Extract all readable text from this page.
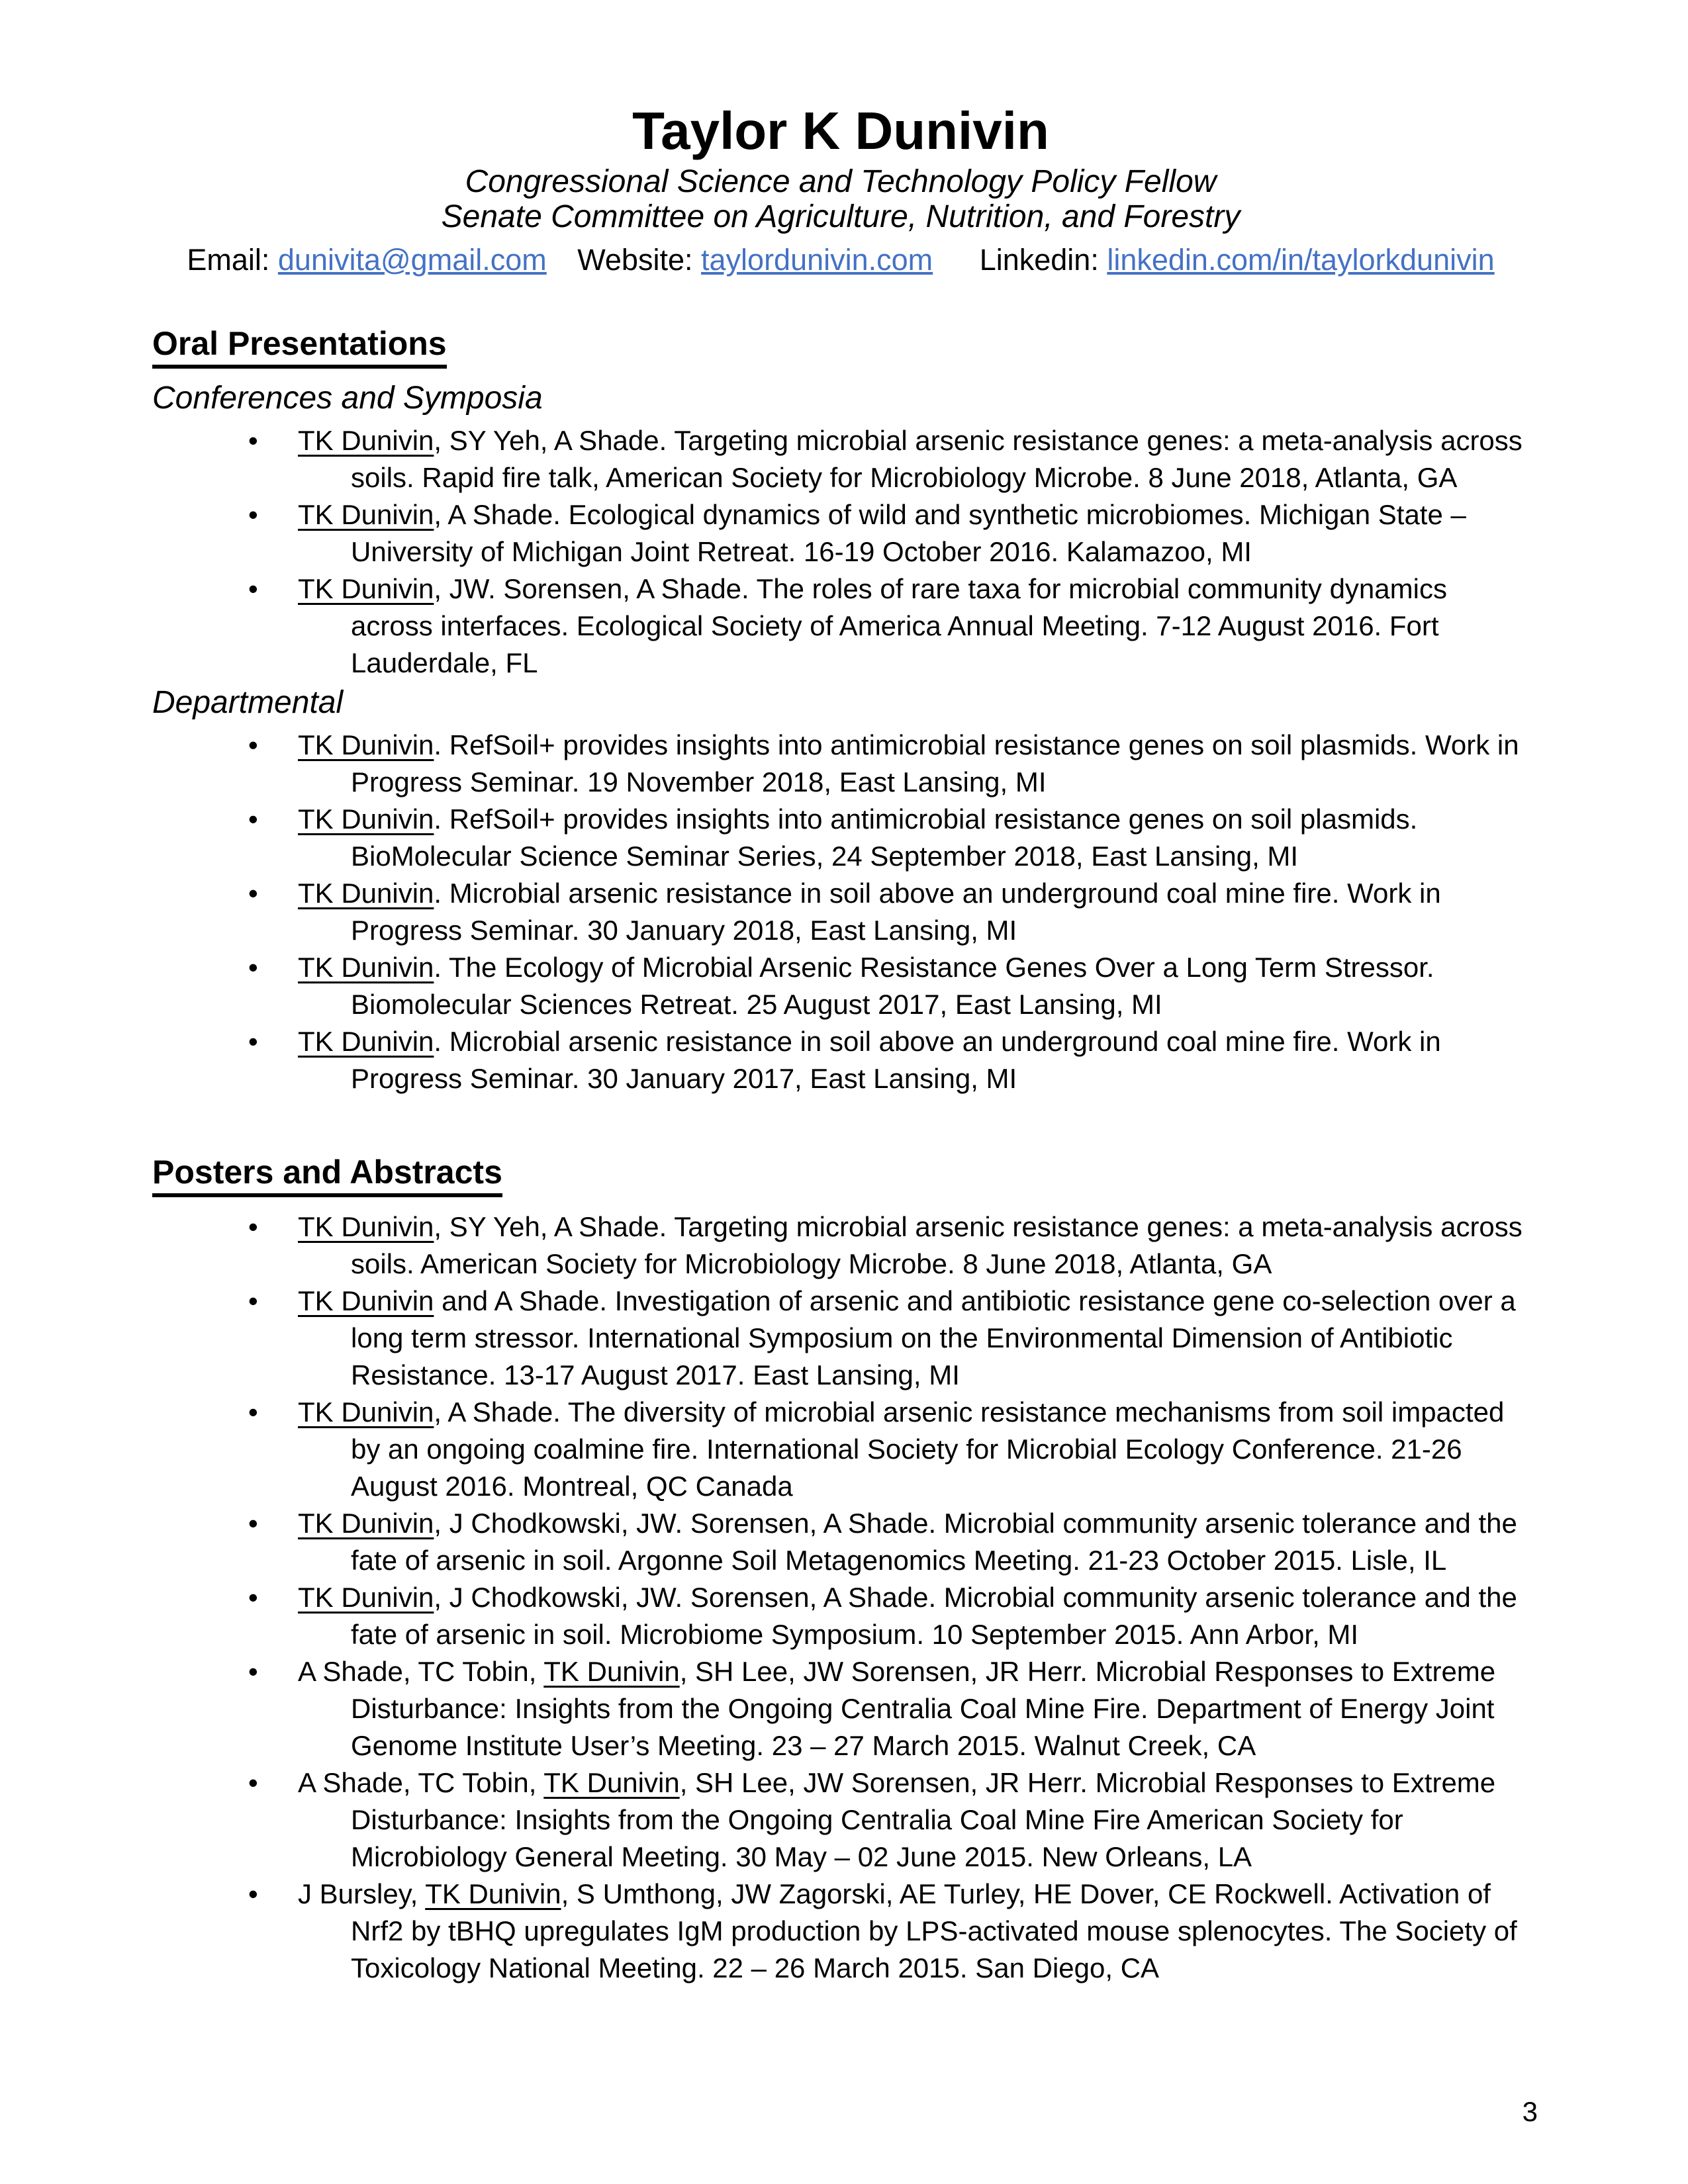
Taylor K Dunivin
Congressional Science and Technology Policy Fellow
Senate Committee on Agriculture, Nutrition, and Forestry
Email: dunivita@gmail.com Website: taylordunivin.com Linkedin: linkedin.com/in/taylorkdunivin
Oral Presentations
Conferences and Symposia
• TK Dunivin, SY Yeh, A Shade. Targeting microbial arsenic resistance genes: a meta-analysis across soils. Rapid fire talk, American Society for Microbiology Microbe. 8 June 2018, Atlanta, GA
• TK Dunivin, A Shade. Ecological dynamics of wild and synthetic microbiomes. Michigan State – University of Michigan Joint Retreat. 16-19 October 2016. Kalamazoo, MI
• TK Dunivin, JW. Sorensen, A Shade. The roles of rare taxa for microbial community dynamics across interfaces. Ecological Society of America Annual Meeting. 7-12 August 2016. Fort Lauderdale, FL
Departmental
• TK Dunivin. RefSoil+ provides insights into antimicrobial resistance genes on soil plasmids. Work in Progress Seminar. 19 November 2018, East Lansing, MI
• TK Dunivin. RefSoil+ provides insights into antimicrobial resistance genes on soil plasmids. BioMolecular Science Seminar Series, 24 September 2018, East Lansing, MI
• TK Dunivin. Microbial arsenic resistance in soil above an underground coal mine fire. Work in Progress Seminar. 30 January 2018, East Lansing, MI
• TK Dunivin. The Ecology of Microbial Arsenic Resistance Genes Over a Long Term Stressor. Biomolecular Sciences Retreat. 25 August 2017, East Lansing, MI
• TK Dunivin. Microbial arsenic resistance in soil above an underground coal mine fire. Work in Progress Seminar. 30 January 2017, East Lansing, MI
Posters and Abstracts
• TK Dunivin, SY Yeh, A Shade. Targeting microbial arsenic resistance genes: a meta-analysis across soils. American Society for Microbiology Microbe. 8 June 2018, Atlanta, GA
• TK Dunivin and A Shade. Investigation of arsenic and antibiotic resistance gene co-selection over a long term stressor. International Symposium on the Environmental Dimension of Antibiotic Resistance. 13-17 August 2017. East Lansing, MI
• TK Dunivin, A Shade. The diversity of microbial arsenic resistance mechanisms from soil impacted by an ongoing coalmine fire. International Society for Microbial Ecology Conference. 21-26 August 2016. Montreal, QC Canada
• TK Dunivin, J Chodkowski, JW. Sorensen, A Shade. Microbial community arsenic tolerance and the fate of arsenic in soil. Argonne Soil Metagenomics Meeting. 21-23 October 2015. Lisle, IL
• TK Dunivin, J Chodkowski, JW. Sorensen, A Shade. Microbial community arsenic tolerance and the fate of arsenic in soil. Microbiome Symposium. 10 September 2015. Ann Arbor, MI
• A Shade, TC Tobin, TK Dunivin, SH Lee, JW Sorensen, JR Herr. Microbial Responses to Extreme Disturbance: Insights from the Ongoing Centralia Coal Mine Fire. Department of Energy Joint Genome Institute User’s Meeting. 23 – 27 March 2015. Walnut Creek, CA
• A Shade, TC Tobin, TK Dunivin, SH Lee, JW Sorensen, JR Herr. Microbial Responses to Extreme Disturbance: Insights from the Ongoing Centralia Coal Mine Fire American Society for Microbiology General Meeting. 30 May – 02 June 2015. New Orleans, LA
• J Bursley, TK Dunivin, S Umthong, JW Zagorski, AE Turley, HE Dover, CE Rockwell. Activation of Nrf2 by tBHQ upregulates IgM production by LPS-activated mouse splenocytes. The Society of Toxicology National Meeting. 22 – 26 March 2015. San Diego, CA
3
